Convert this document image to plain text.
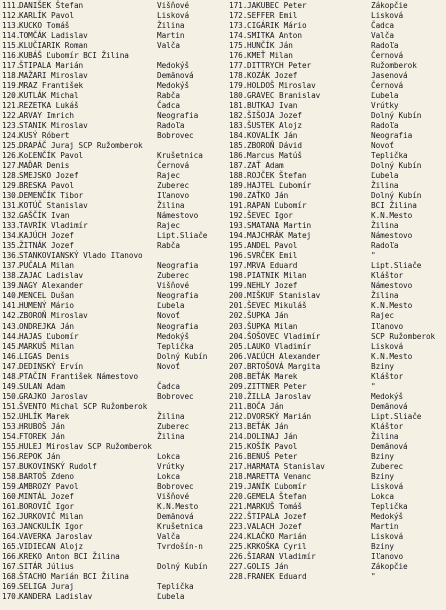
111.
DANIŠEK Štefan	Višňové
112.
KARLÍK Pavol	Lisková
113.
KUCKO Tomáš	Žilina
114.
TOMČÁK Ladislav	Martin
115.
KLUČIARIK Roman	Valča
116.
KUBÁŠ Ľubomír BCI Žilina
117.
ŠTIPALA Marián	Medokýš
118.
MAŽARI Miroslav	Demänová
119.
MRAZ František	Medokýš
120.
KUTLÁK Michal	Rabča
121.
REZETKA Lukáš	Čadca
122.
ARVAY Imrich	Neografia
123.
STANIK Miroslav	Radoľa
124.
KUSÝ Róbert	Bobrovec
125.
DRAPÁČ Juraj SCP Ružomberok
126.
KoĽENČÍK Pavol	Krušetnica
127.
MAĎAR Denis	Černová
128.
SMEJSKO Jozef	Rajec
129.
BRESKA Pavol	Zuberec
130.
DEMENČÍK Tibor	Iľanovo
131.
KOTÚČ Stanislav	Žilina
132.
GAŠČÍK Ivan	Námestovo
133.
TAVRÍK Vladimír	Rajec
134.
KAJÚCH Jozef	Lipt.Sliače
135.
ŽITNÁK Jozef	Rabča
136.
STANKOVIANSKÝ Vlado Iľanovo
137.
PUČALA Milan	Neografia
138.
ZAJAC Ladislav	Zuberec
139.
NAGY Alexander	Višňové
140.
MENCEL Dušan	Neografia
141.
HUMENÝ Mário	Ľubela
142.
ZBOROŇ Miroslav	Novoť
143.
ONDREJKA Ján	Neografia
144.
HAJAS Ľubomír	Medokýš
145.
MARKUŠ Milan	Teplička
146.
LIGAS Denis	Dolný Kubín
147.
DEDINSKÝ Ervín	Novoť
148.
PTAČIN František Námestovo
149.
SULAN Adam	Čadca
150.
GRAJKO Jaroslav	Bobrovec
151.
ŠVENTO Michal SCP Ružomberok
152.
UHLÍK Marek	Žilina
153.
HRUBOŠ Ján	Zuberec
154.
FTOREK Ján	Žilina
155.
HULEJ Miroslav SCP Ružomberok
156.
REPOK Ján	Lokca
157.
BUKOVINSKÝ Rudolf	Vrútky
158.
BARTOŠ Zdeno	Lokca
159.
AMBROZY Pavol	Bobrovec
160.
MINTÁL Jozef	Višňové
161.
BOROVIČ Igor	K.N.Mesto
162.
JURKOVIČ Milan	Demänová
163.
JANCKULÍK Igor	Krušetnica
164.
VAVERKA Jaroslav	Valča
165.
VIDIECAN Alojz	Tvrdošín-n
166.
KREKO Anton BCI Žilina
167.
SITÁR Július	Dolný Kubín
168.
ŠTACHO Marián BCI Žilina
169.
SELIGA Juraj	Teplička
170.
KANDERA Ladislav	Ľubela
171. JAKUBEC Peter	Zákopčie
172. SEFFER Emil	Lisková
173. CIGÁRIK Mário	Čadca
174. SMITKA Anton	Valča
175. HUNČÍK Ján	Radoľa
176. KMEŤ Milan	Černová
177. DITTRYCH Peter	Ružomberok
178. KOZÁK Jozef	Jasenová
179. HOLDOŠ Miroslav	Černová
180. GRAVEC Branislav	Ľubela
181. BUTKAJ Ivan	Vrútky
182. ŠIŠOJA Jozef	Dolný Kubín
183. ŠUSTEK Alojz	Radoľa
184. KOVALÍK Ján	Neografia
185. ZBOROŇ Dávid	Novoť
186. Marcus Matúš	Teplička
187. ZAŤ Adam	Dolný Kubín
188. ROJČEK Štefan	Ľubela
189. HAJTEL Ľubomír	Žilina
190. ZAŤKO Ján	Dolný Kubín
191. RAPAN Ľubomír	BCI Žilina
192. ŠEVEC Igor	K.N.Mesto
193. SMATANA Martin	Žilina
194. MAJCHRÁK Matej	Námestovo
195. ANDEL Pavol	Radoľa
196. SVRČEK Emil	"
197. MRVA Eduard	Lipt.Sliače
198. PIATNIK Milan	Kláštor
199. NEHLY Jozef	Námestovo
200. MIŠKUF Stanislav	Žilina
201. ŠEVEC Mikuláš	K.N.Mesto
202. ŠUPKA Ján	Rajec
203. ŠUPKA Milan	Iľanovo
204. ŠOŠOVEC Vladimír	SCP Ružomberok
205. LAUKO Vladimír	Lisková
206. VAĽÚCH Alexander	K.N.Mesto
207. BRTOŠOVÁ Margita	Bziny
208. BEŤÁK Marek	Kláštor
209. ZITTNER Peter	"
210. ŽILLA Jaroslav	Medokýš
211. BOČA Ján	Demänová
212. DVORSKÝ Marián	Lipt.Sliače
213. BEŤÁK Ján	Kláštor
214. DOLINAJ Ján	Žilina
215. KOŠÍK Pavol	Demänová
216. BENUŠ Peter	Bziny
217. HARMATA Stanislav	Zuberec
218. MARETTA Venanc	Bziny
219. JANÍK Ľubomír	Lisková
220. GEMELA Štefan	Lokca
221. MARKUŠ Tomáš	Teplička
222. ŠTIPALA Jozef	Medokýš
223. VALACH Jozef	Martin
224. KLAČKO Marián	Lisková
225. KRKOŠKA Cyril	Bziny
226. ŠIARAN Vladimír	Iľanovo
227. GOLIS Ján	Zákopčie
228. FRANEK Eduard	"
